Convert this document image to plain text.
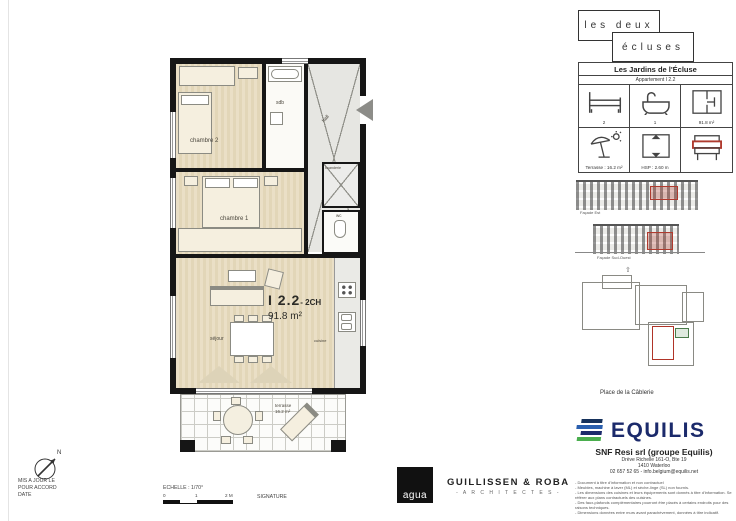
chambre 2
sdb
hall
chambre 1
buanderie
wc
séjour	cuisine
I 2.2- 2CH
91.8 m²
terrasse
16.2 m²
les deux
écluses
Les Jardins de l'Écluse
Appartement I 2.2
2	1	91.8 m²
Terrasse : 16.2 m²	HSP : 2.60 m
Façade Est
Façade Sud-Ouest
⇧
Place de la Câblerie
EQUILIS
SNF Resi srl (groupe Equilis)
Drève Richelle 161-O, Bte 19
1410 Waterloo
02 657 52 65 - info.belgium@equilis.net
- Document à titre d'information et non contractuel
- Meubles, machine à laver (ML) et sèche-linge (SL) non fournis.
- Les dimensions des cuisines et leurs équipements sont donnés à titre d'information. Se référer aux plans contractuels des cuisines.
- Des faux-plafonds complémentaires pourront être placés à certains endroits pour des raisons techniques.
- Dimensions données entre murs avant parachèvement, données à titre indicatif.
N
MIS A JOUR LE
POUR ACCORD
DATE
ECHELLE : 1/70°
0	1	2 M	SIGNATURE	agua
GUILLISSEN & ROBA
- A R C H I T E C T E S -
